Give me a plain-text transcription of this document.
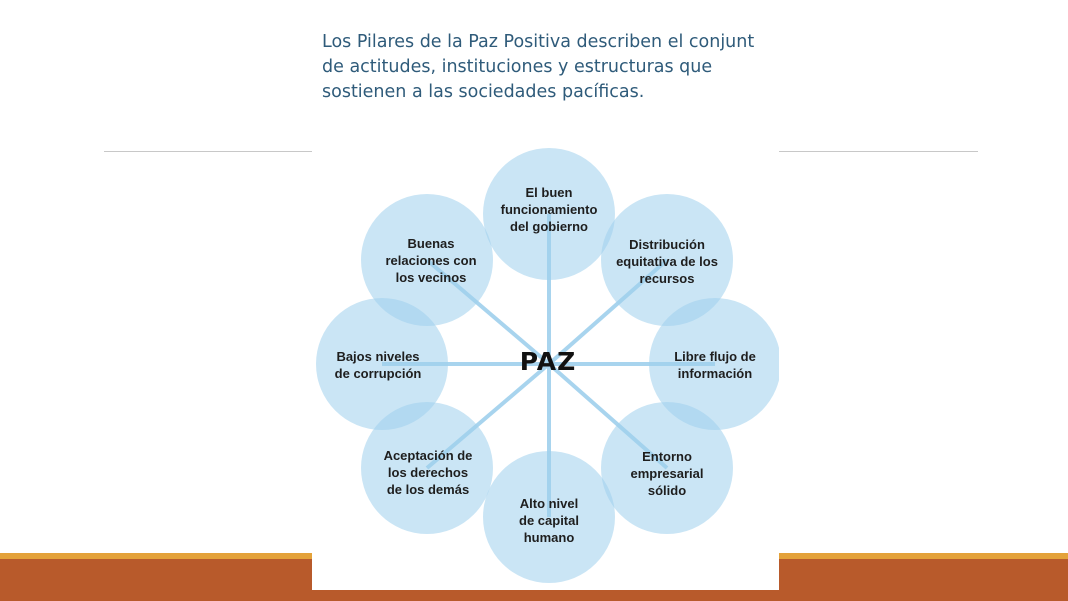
Los Pilares de la Paz Positiva describen el conjunt
de actitudes, instituciones y estructuras que
sostienen a las sociedades pacíficas.
PAZ
El buen
funcionamiento
del gobierno
Distribución
equitativa de los
recursos
Libre flujo de
información
Entorno
empresarial
sólido
Alto nivel
de capital
humano
Aceptación de
los derechos
de los demás
Bajos niveles
de corrupción
Buenas
relaciones con
los vecinos
